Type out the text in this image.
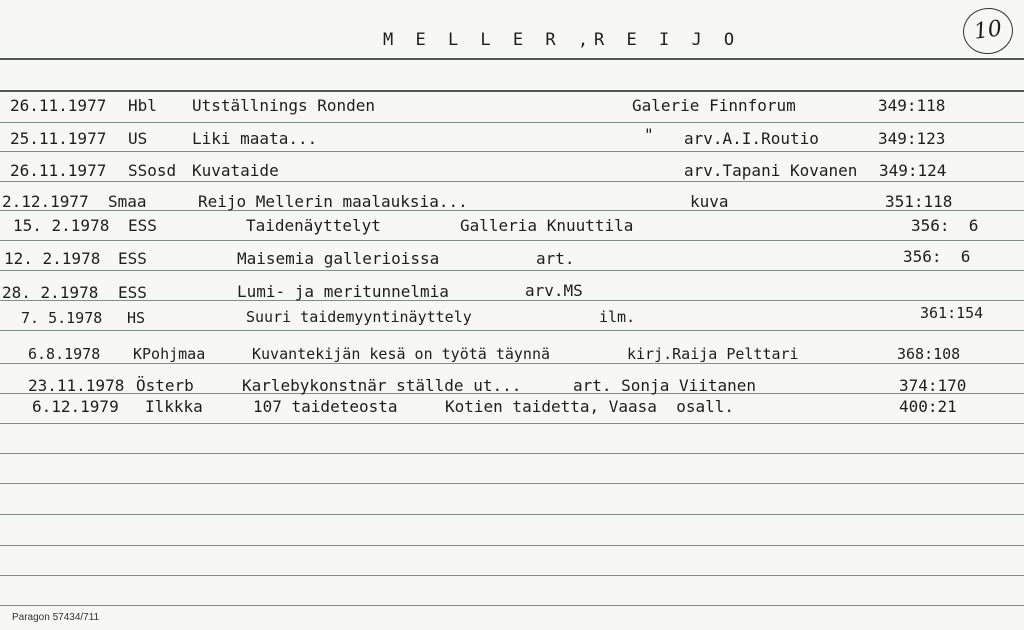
M E L L E R ,R E I J O	10
26.11.1977 Hbl Utställnings Ronden	Galerie Finnforum	349:118
25.11.1977 US	Liki maata...	" arv.A.I.Routio	349:123
26.11.1977 SSosd Kuvataide	arv.Tapani Kovanen 349:124
2.12.1977 Smaa	Reijo Mellerin maalauksia...	kuva	351:118
15. 2.1978 ESS	Taidenäyttelyt	Galleria Knuuttila	356:  6
12. 2.1978 ESS	Maisemia gallerioissa	art.	356:  6
28. 2.1978 ESS	Lumi- ja meritunnelmia	arv.MS
7. 5.1978 HS	Suuri taidemyyntinäyttely	ilm.	361:154
6.8.1978 KPohjmaa	Kuvantekijän kesä on työtä täynnä	kirj.Raija Pelttari	368:108
23.11.1978 Österb	Karlebykonstnär ställde ut...	art. Sonja Viitanen	374:170
6.12.1979 Ilkkka	107 taideteosta	Kotien taidetta, Vaasa  osall.	400:21
Paragon 57434/711
